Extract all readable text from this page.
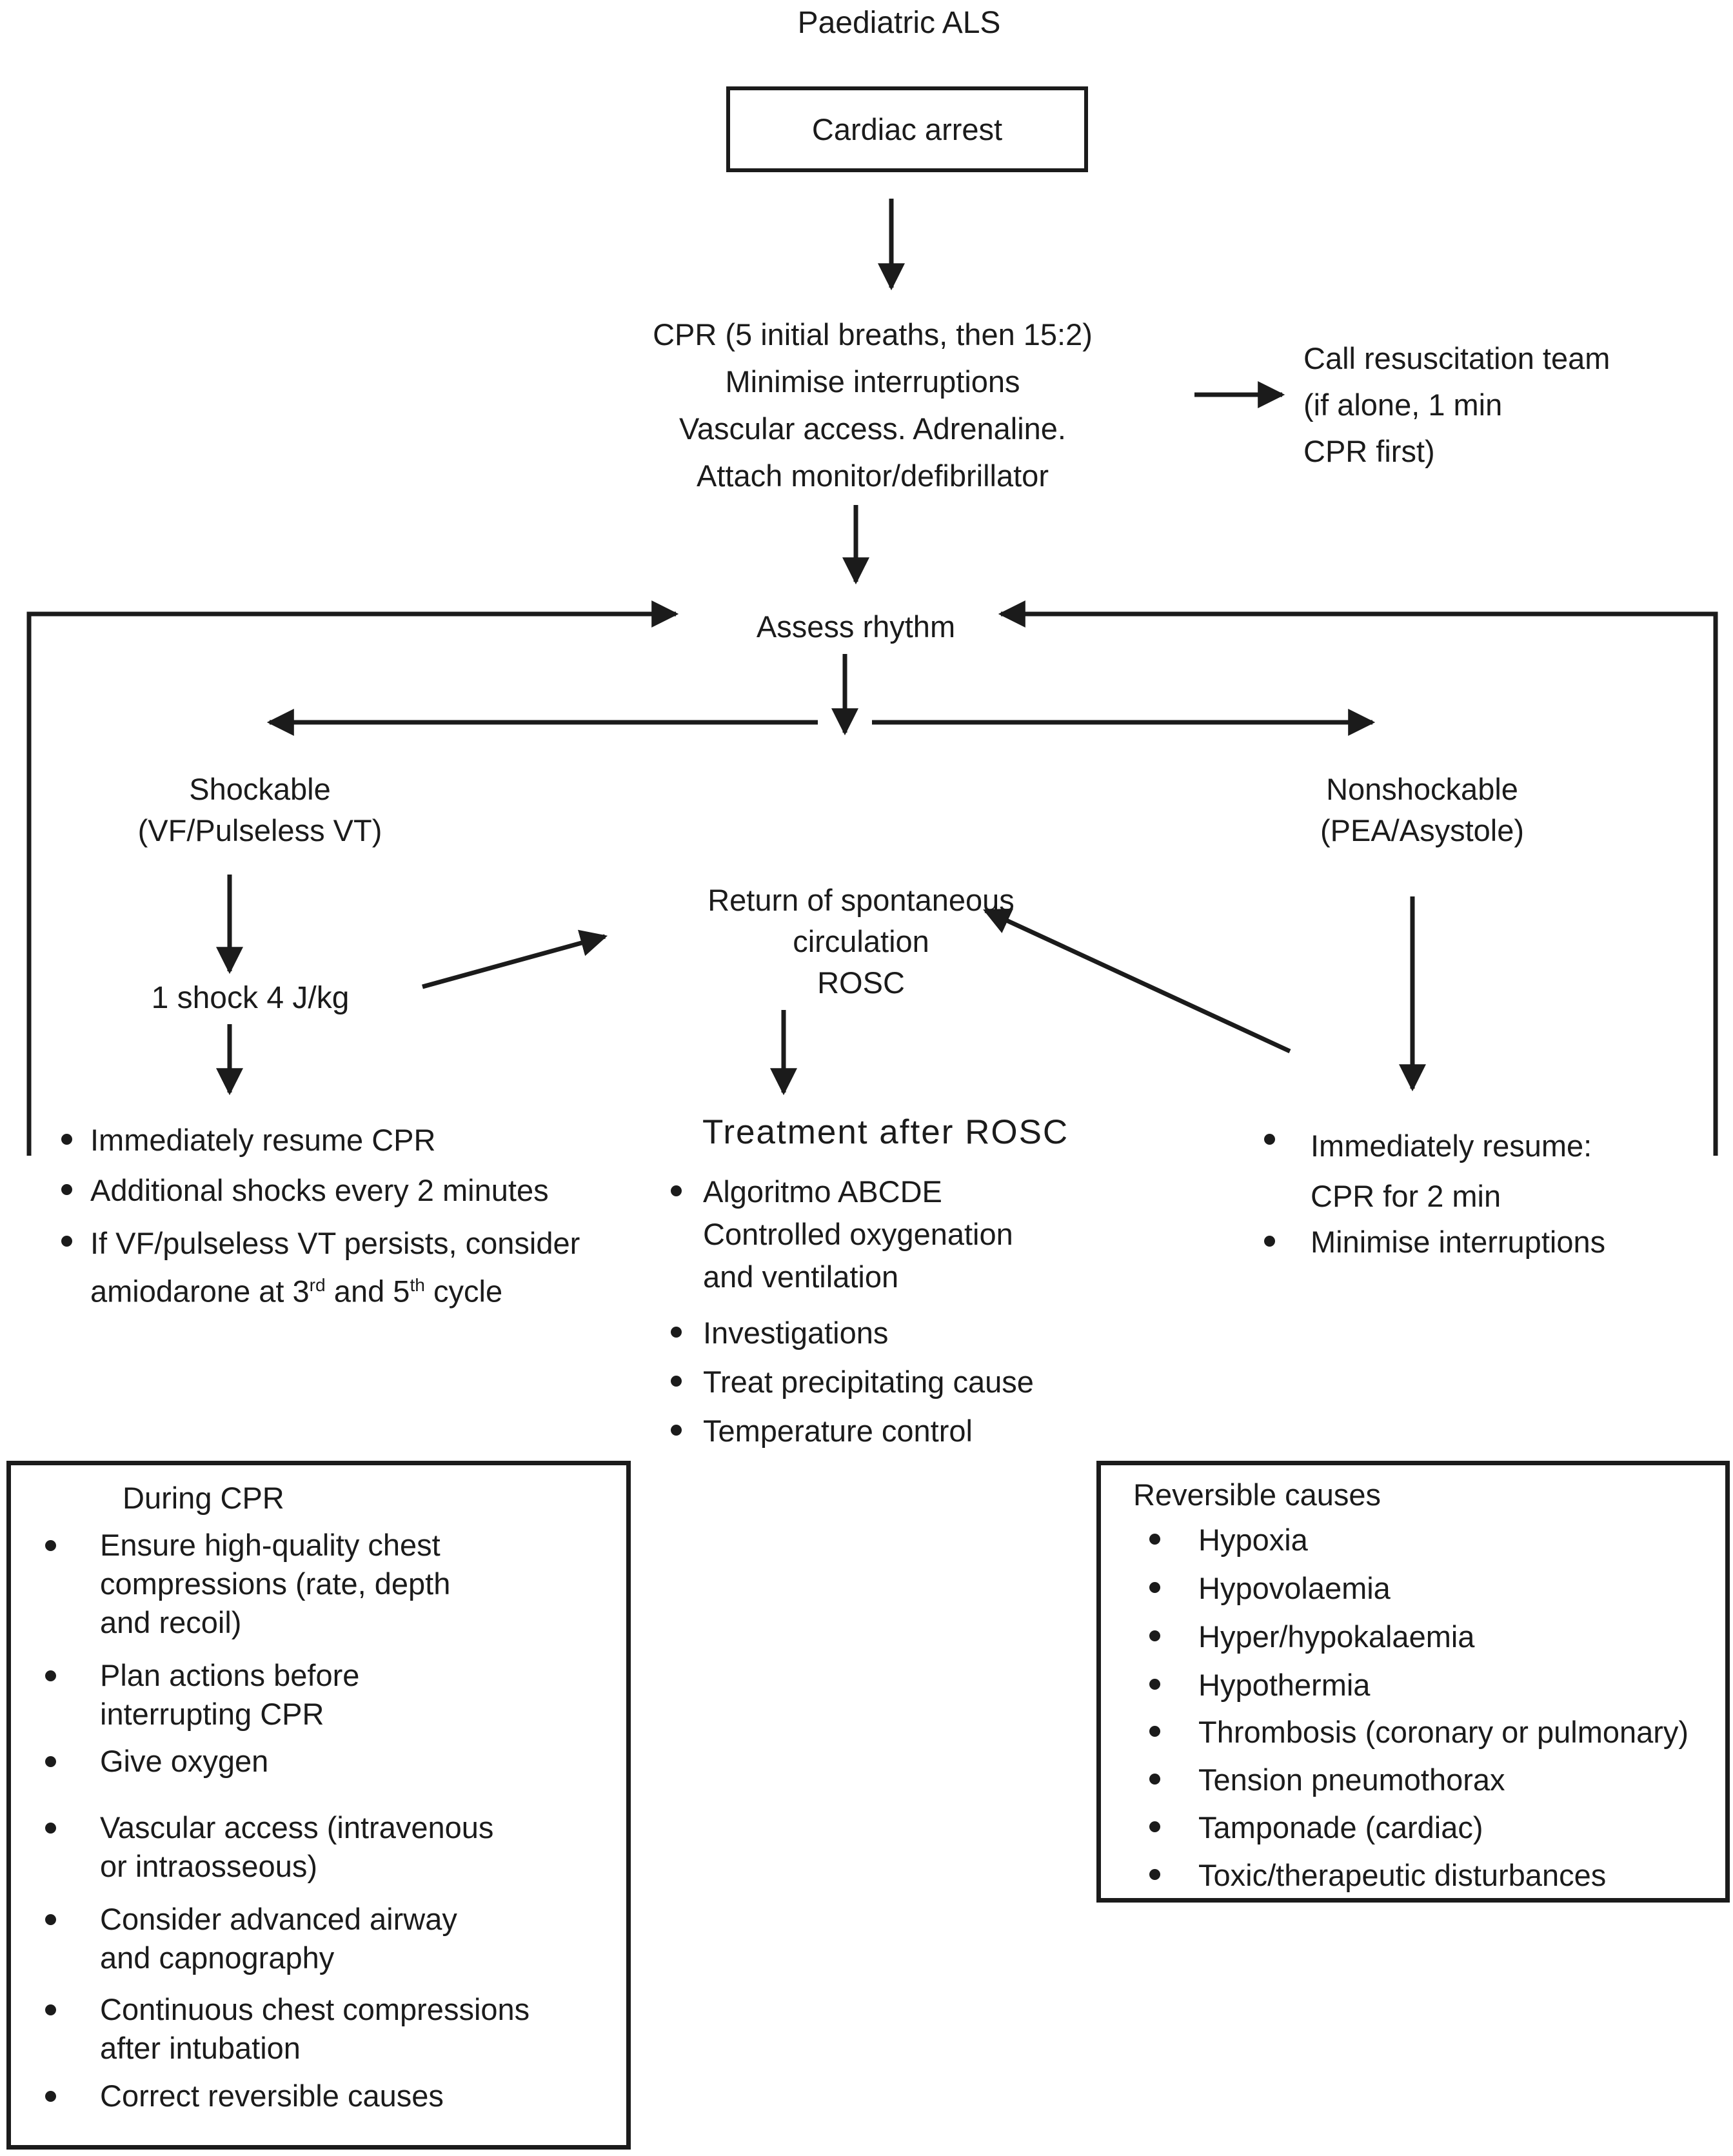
Paediatric ALS
Cardiac arrest
CPR (5 initial breaths, then 15:2)
Minimise interruptions
Vascular access. Adrenaline.
Attach monitor/defibrillator
Call resuscitation team
(if alone, 1 min
CPR first)
Assess rhythm
Shockable
(VF/Pulseless VT)
Nonshockable
(PEA/Asystole)
1 shock 4 J/kg
Return of spontaneous
circulation
ROSC
Immediately resume CPR
Additional shocks every 2 minutes
If VF/pulseless VT persists, consider
amiodarone at 3rd and 5th cycle
Treatment after ROSC
Algoritmo ABCDE
Controlled oxygenation
and ventilation
Investigations
Treat precipitating cause
Temperature control
Immediately resume:
CPR for 2 min
Minimise interruptions
During CPR
Ensure high-quality chest
compressions (rate, depth
and recoil)
Plan actions before
interrupting CPR
Give oxygen
Vascular access (intravenous
or intraosseous)
Consider advanced airway
and capnography
Continuous chest compressions
after intubation
Correct reversible causes
Reversible causes
Hypoxia
Hypovolaemia
Hyper/hypokalaemia
Hypothermia
Thrombosis (coronary or pulmonary)
Tension pneumothorax
Tamponade (cardiac)
Toxic/therapeutic disturbances
